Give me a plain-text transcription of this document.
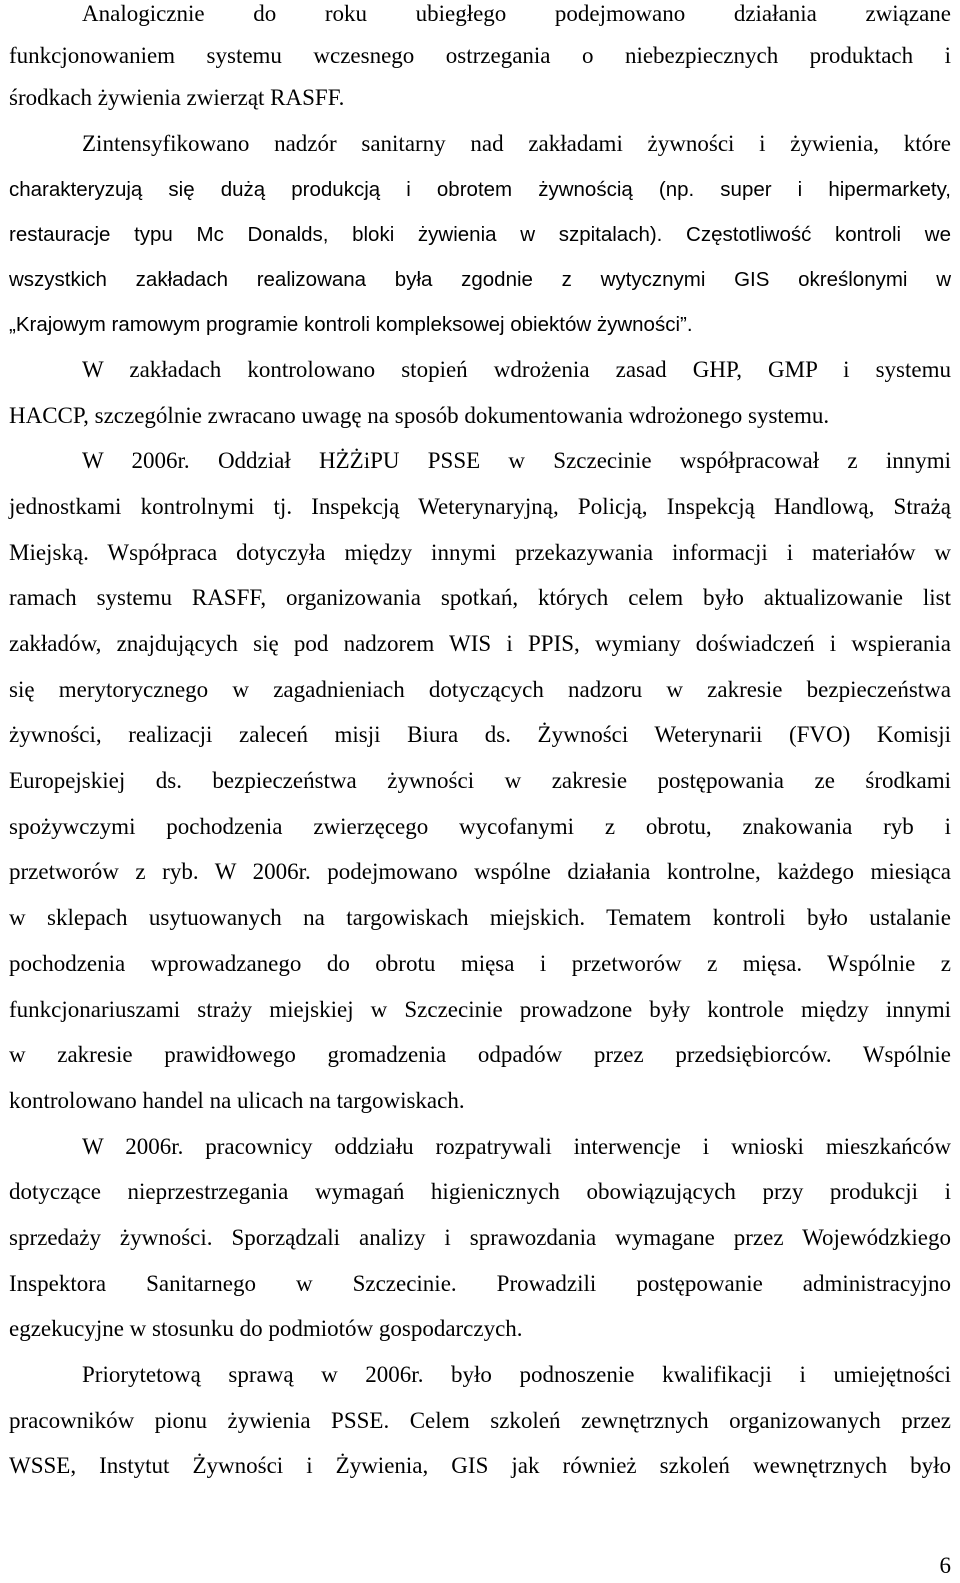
Analogicznie do roku ubiegłego podejmowano działania związane
funkcjonowaniem systemu wczesnego ostrzegania o niebezpiecznych produktach i
środkach żywienia zwierząt RASFF.
Zintensyfikowano nadzór sanitarny nad zakładami żywności i żywienia, które
charakteryzują się dużą produkcją i obrotem żywnością (np. super i hipermarkety,
restauracje typu Mc Donalds, bloki żywienia w szpitalach). Częstotliwość kontroli we
wszystkich zakładach realizowana była zgodnie z wytycznymi GIS określonymi w
„Krajowym ramowym programie kontroli kompleksowej obiektów żywności”.
W zakładach kontrolowano stopień wdrożenia zasad GHP, GMP i systemu
HACCP, szczególnie zwracano uwagę na sposób dokumentowania wdrożonego systemu.
W 2006r. Oddział HŻŻiPU PSSE w Szczecinie współpracował z innymi
jednostkami kontrolnymi tj. Inspekcją Weterynaryjną, Policją, Inspekcją Handlową, Strażą
Miejską. Współpraca dotyczyła między innymi przekazywania informacji i materiałów w
ramach systemu RASFF, organizowania spotkań, których celem było aktualizowanie list
zakładów, znajdujących się pod nadzorem WIS i PPIS, wymiany doświadczeń i wspierania
się merytorycznego w zagadnieniach dotyczących nadzoru w zakresie bezpieczeństwa
żywności, realizacji zaleceń misji Biura ds. Żywności Weterynarii (FVO) Komisji
Europejskiej ds. bezpieczeństwa żywności w zakresie postępowania ze środkami
spożywczymi pochodzenia zwierzęcego wycofanymi z obrotu, znakowania ryb i
przetworów z ryb. W 2006r. podejmowano wspólne działania kontrolne, każdego miesiąca
w sklepach usytuowanych na targowiskach miejskich. Tematem kontroli było ustalanie
pochodzenia wprowadzanego do obrotu mięsa i przetworów z mięsa. Wspólnie z
funkcjonariuszami straży miejskiej w Szczecinie prowadzone były kontrole między innymi
w zakresie prawidłowego gromadzenia odpadów przez przedsiębiorców. Wspólnie
kontrolowano handel na ulicach na targowiskach.
W 2006r. pracownicy oddziału rozpatrywali interwencje i wnioski mieszkańców
dotyczące nieprzestrzegania wymagań higienicznych obowiązujących przy produkcji i
sprzedaży żywności. Sporządzali analizy i sprawozdania wymagane przez Wojewódzkiego
Inspektora Sanitarnego w Szczecinie. Prowadzili postępowanie administracyjno
egzekucyjne w stosunku do podmiotów gospodarczych.
Priorytetową sprawą w 2006r. było podnoszenie kwalifikacji i umiejętności
pracowników pionu żywienia PSSE. Celem szkoleń zewnętrznych organizowanych przez
WSSE, Instytut Żywności i Żywienia, GIS jak również szkoleń wewnętrznych było
6
